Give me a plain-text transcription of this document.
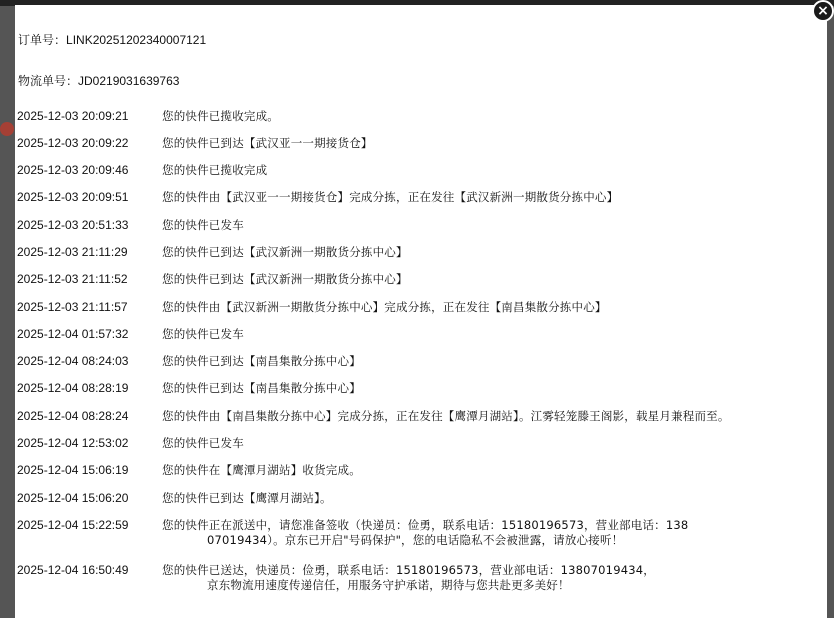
订单号：LINK20251202340007121
物流单号：JD0219031639763
2025-12-03 20:09:21	您的快件已揽收完成。
2025-12-03 20:09:22	您的快件已到达【武汉亚一一期接货仓】
2025-12-03 20:09:46	您的快件已揽收完成
2025-12-03 20:09:51	您的快件由【武汉亚一一期接货仓】完成分拣，正在发往【武汉新洲一期散货分拣中心】
2025-12-03 20:51:33	您的快件已发车
2025-12-03 21:11:29	您的快件已到达【武汉新洲一期散货分拣中心】
2025-12-03 21:11:52	您的快件已到达【武汉新洲一期散货分拣中心】
2025-12-03 21:11:57	您的快件由【武汉新洲一期散货分拣中心】完成分拣，正在发往【南昌集散分拣中心】
2025-12-04 01:57:32	您的快件已发车
2025-12-04 08:24:03	您的快件已到达【南昌集散分拣中心】
2025-12-04 08:28:19	您的快件已到达【南昌集散分拣中心】
2025-12-04 08:28:24	您的快件由【南昌集散分拣中心】完成分拣，正在发往【鹰潭月湖站】。江雾轻笼滕王阁影，载星月兼程而至。
2025-12-04 12:53:02	您的快件已发车
2025-12-04 15:06:19	您的快件在【鹰潭月湖站】收货完成。
2025-12-04 15:06:20	您的快件已到达【鹰潭月湖站】。
2025-12-04 15:22:59	您的快件正在派送中，请您准备签收（快递员：俭勇，联系电话：15180196573，营业部电话：138
07019434）。京东已开启"号码保护"，您的电话隐私不会被泄露，请放心接听！
2025-12-04 16:50:49	您的快件已送达，快递员：俭勇，联系电话：15180196573，营业部电话：13807019434，
京东物流用速度传递信任，用服务守护承诺，期待与您共赴更多美好！
×
